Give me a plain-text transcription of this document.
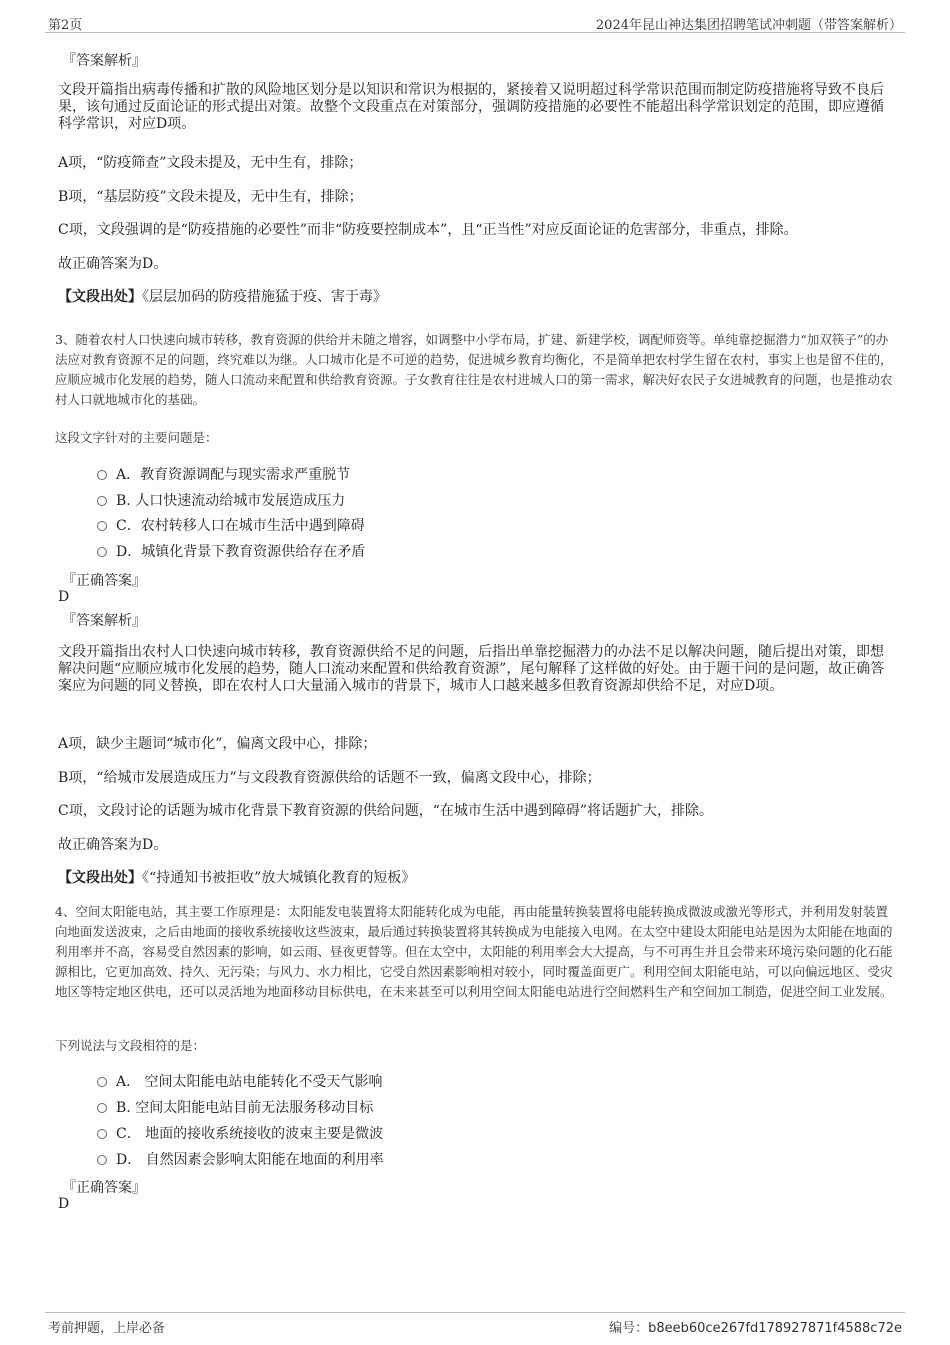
第2页	2024年昆山神达集团招聘笔试冲刺题（带答案解析）
『答案解析』
文段开篇指出病毒传播和扩散的风险地区划分是以知识和常识为根据的，紧接着又说明超过科学常识范围而制定防疫措施将导致不良后果，该句通过反面论证的形式提出对策。故整个文段重点在对策部分，强调防疫措施的必要性不能超出科学常识划定的范围，即应遵循科学常识，对应D项。
A项，“防疫筛查”文段未提及，无中生有，排除；
B项，“基层防疫”文段未提及，无中生有，排除；
C项，文段强调的是“防疫措施的必要性”而非“防疫要控制成本”，且“正当性”对应反面论证的危害部分，非重点，排除。
故正确答案为D。
【文段出处】《层层加码的防疫措施猛于疫、害于毒》
3、随着农村人口快速向城市转移，教育资源的供给并未随之增容，如调整中小学布局，扩建、新建学校，调配师资等。单纯靠挖掘潜力“加双筷子”的办法应对教育资源不足的问题，终究难以为继。人口城市化是不可逆的趋势，促进城乡教育均衡化，不是简单把农村学生留在农村，事实上也是留不住的，应顺应城市化发展的趋势，随人口流动来配置和供给教育资源。子女教育往往是农村进城人口的第一需求，解决好农民子女进城教育的问题，也是推动农村人口就地城市化的基础。
这段文字针对的主要问题是：
A．教育资源调配与现实需求严重脱节
B. 人口快速流动给城市发展造成压力
C．农村转移人口在城市生活中遇到障碍
D．城镇化背景下教育资源供给存在矛盾
『正确答案』
D
『答案解析』
文段开篇指出农村人口快速向城市转移，教育资源供给不足的问题，后指出单靠挖掘潜力的办法不足以解决问题，随后提出对策，即想解决问题“应顺应城市化发展的趋势，随人口流动来配置和供给教育资源”，尾句解释了这样做的好处。由于题干问的是问题，故正确答案应为问题的同义替换，即在农村人口大量涌入城市的背景下，城市人口越来越多但教育资源却供给不足，对应D项。
A项，缺少主题词“城市化”，偏离文段中心，排除；
B项，“给城市发展造成压力”与文段教育资源供给的话题不一致，偏离文段中心，排除；
C项，文段讨论的话题为城市化背景下教育资源的供给问题，“在城市生活中遇到障碍”将话题扩大，排除。
故正确答案为D。
【文段出处】《“持通知书被拒收”放大城镇化教育的短板》
4、空间太阳能电站，其主要工作原理是：太阳能发电装置将太阳能转化成为电能，再由能量转换装置将电能转换成微波或激光等形式，并利用发射装置向地面发送波束，之后由地面的接收系统接收这些波束，最后通过转换装置将其转换成为电能接入电网。在太空中建设太阳能电站是因为太阳能在地面的利用率并不高，容易受自然因素的影响，如云雨、昼夜更替等。但在太空中，太阳能的利用率会大大提高，与不可再生并且会带来环境污染问题的化石能源相比，它更加高效、持久、无污染；与风力、水力相比，它受自然因素影响相对较小，同时覆盖面更广。利用空间太阳能电站，可以向偏远地区、受灾地区等特定地区供电，还可以灵活地为地面移动目标供电，在未来甚至可以利用空间太阳能电站进行空间燃料生产和空间加工制造，促进空间工业发展。
下列说法与文段相符的是：
A． 空间太阳能电站电能转化不受天气影响
B. 空间太阳能电站目前无法服务移动目标
C． 地面的接收系统接收的波束主要是微波
D． 自然因素会影响太阳能在地面的利用率
『正确答案』
D
考前押题，上岸必备	编号：b8eeb60ce267fd178927871f4588c72e
